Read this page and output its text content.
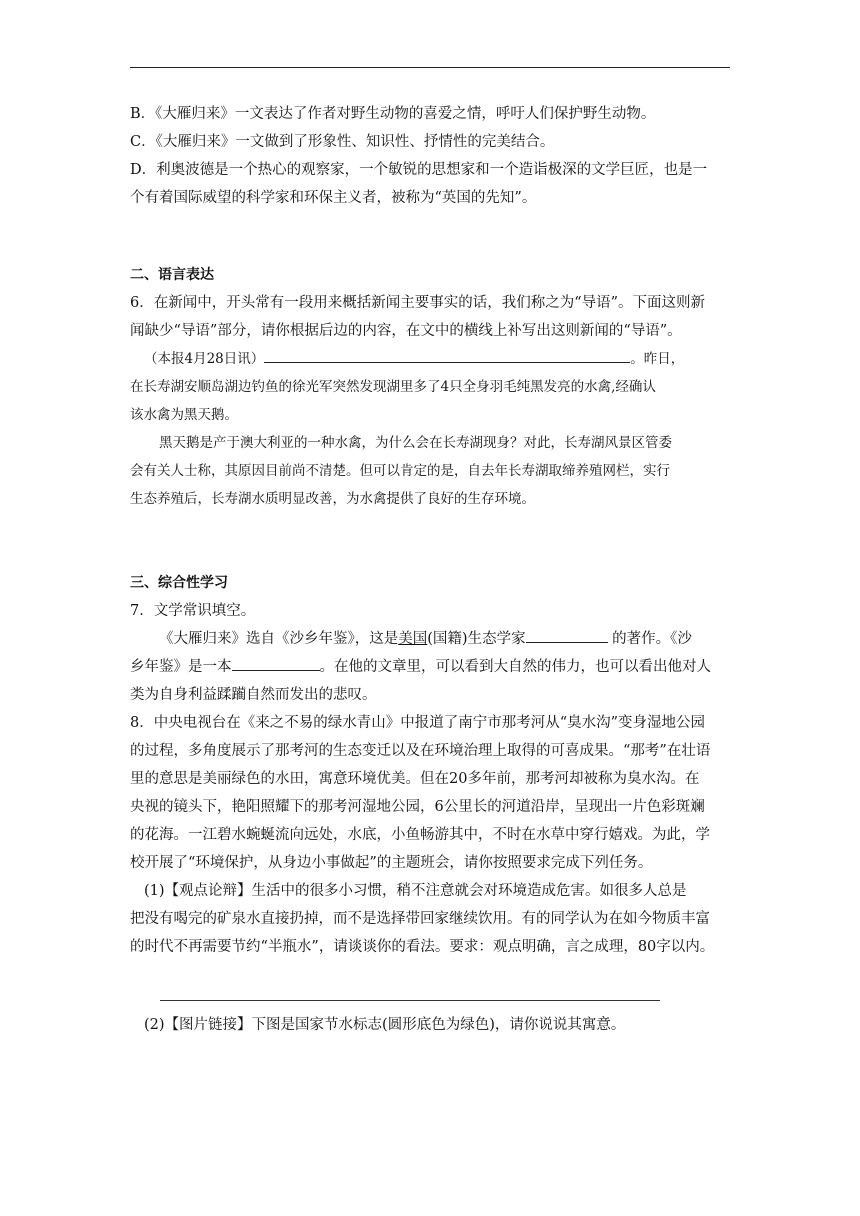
B．《大雁归来》一文表达了作者对野生动物的喜爱之情，呼吁人们保护野生动物。

C．《大雁归来》一文做到了形象性、知识性、抒情性的完美结合。

D．利奥波德是一个热心的观察家，一个敏锐的思想家和一个造诣极深的文学巨匠，也是一

个有着国际威望的科学家和环保主义者，被称为“英国的先知”。

二、语言表达

6．在新闻中，开头常有一段用来概括新闻主要事实的话，我们称之为“导语”。下面这则新

闻缺少“导语”部分，请你根据后边的内容，在文中的横线上补写出这则新闻的“导语”。

（本报4月28日讯）	。昨日，

在长寿湖安顺岛湖边钓鱼的徐光军突然发现湖里多了4只全身羽毛纯黑发亮的水禽,经确认

该水禽为黑天鹅。

黑天鹅是产于澳大利亚的一种水禽，为什么会在长寿湖现身？对此，长寿湖风景区管委

会有关人士称，其原因目前尚不清楚。但可以肯定的是，自去年长寿湖取缔养殖网栏，实行

生态养殖后，长寿湖水质明显改善，为水禽提供了良好的生存环境。

三、综合性学习

7．文学常识填空。

《大雁归来》选自《沙乡年鉴》，这是美国(国籍)生态学家	的著作。《沙

乡年鉴》是一本	。在他的文章里，可以看到大自然的伟力，也可以看出他对人

类为自身利益蹂躏自然而发出的悲叹。

8．中央电视台在《来之不易的绿水青山》中报道了南宁市那考河从“臭水沟”变身湿地公园

的过程，多角度展示了那考河的生态变迁以及在环境治理上取得的可喜成果。“那考”在壮语

里的意思是美丽绿色的水田，寓意环境优美。但在20多年前，那考河却被称为臭水沟。在

央视的镜头下，艳阳照耀下的那考河湿地公园，6公里长的河道沿岸，呈现出一片色彩斑斓

的花海。一江碧水蜿蜒流向远处，水底，小鱼畅游其中，不时在水草中穿行嬉戏。为此，学

校开展了“环境保护，从身边小事做起”的主题班会，请你按照要求完成下列任务。

(1)【观点论辩】生活中的很多小习惯，稍不注意就会对环境造成危害。如很多人总是

把没有喝完的矿泉水直接扔掉，而不是选择带回家继续饮用。有的同学认为在如今物质丰富

的时代不再需要节约“半瓶水”，请谈谈你的看法。要求：观点明确，言之成理，80字以内。

(2)【图片链接】下图是国家节水标志(圆形底色为绿色)，请你说说其寓意。
